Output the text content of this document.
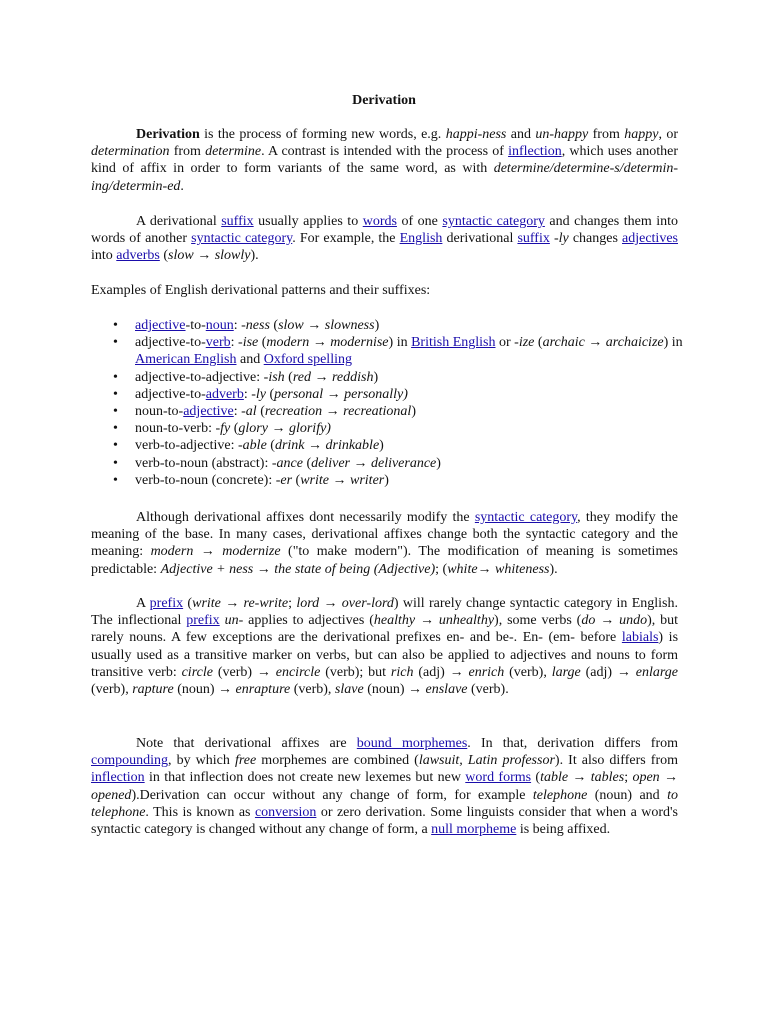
Derivation

Derivation is the process of forming new words, e.g. happi-ness and un-happy from happy, or determination from determine. A contrast is intended with the process of inflection, which uses another kind of affix in order to form variants of the same word, as with determine/determine-s/determin-ing/determin-ed.

A derivational suffix usually applies to words of one syntactic category and changes them into words of another syntactic category. For example, the English derivational suffix -ly changes adjectives into adverbs (slow → slowly).

Examples of English derivational patterns and their suffixes:

• adjective-to-noun: -ness (slow → slowness)
• adjective-to-verb: -ise (modern → modernise) in British English or -ize (archaic → archaicize) in American English and Oxford spelling
• adjective-to-adjective: -ish (red → reddish)
• adjective-to-adverb: -ly (personal → personally)
• noun-to-adjective: -al (recreation → recreational)
• noun-to-verb: -fy (glory → glorify)
• verb-to-adjective: -able (drink → drinkable)
• verb-to-noun (abstract): -ance (deliver → deliverance)
• verb-to-noun (concrete): -er (write → writer)

Although derivational affixes dont necessarily modify the syntactic category, they modify the meaning of the base. In many cases, derivational affixes change both the syntactic category and the meaning: modern → modernize ("to make modern"). The modification of meaning is sometimes predictable: Adjective + ness → the state of being (Adjective); (white→ whiteness).

A prefix (write → re-write; lord → over-lord) will rarely change syntactic category in English. The inflectional prefix un- applies to adjectives (healthy → unhealthy), some verbs (do → undo), but rarely nouns. A few exceptions are the derivational prefixes en- and be-. En- (em- before labials) is usually used as a transitive marker on verbs, but can also be applied to adjectives and nouns to form transitive verb: circle (verb) → encircle (verb); but rich (adj) → enrich (verb), large (adj) → enlarge (verb), rapture (noun) → enrapture (verb), slave (noun) → enslave (verb).

Note that derivational affixes are bound morphemes. In that, derivation differs from compounding, by which free morphemes are combined (lawsuit, Latin professor). It also differs from inflection in that inflection does not create new lexemes but new word forms (table → tables; open → opened).Derivation can occur without any change of form, for example telephone (noun) and to telephone. This is known as conversion or zero derivation. Some linguists consider that when a word's syntactic category is changed without any change of form, a null morpheme is being affixed.
